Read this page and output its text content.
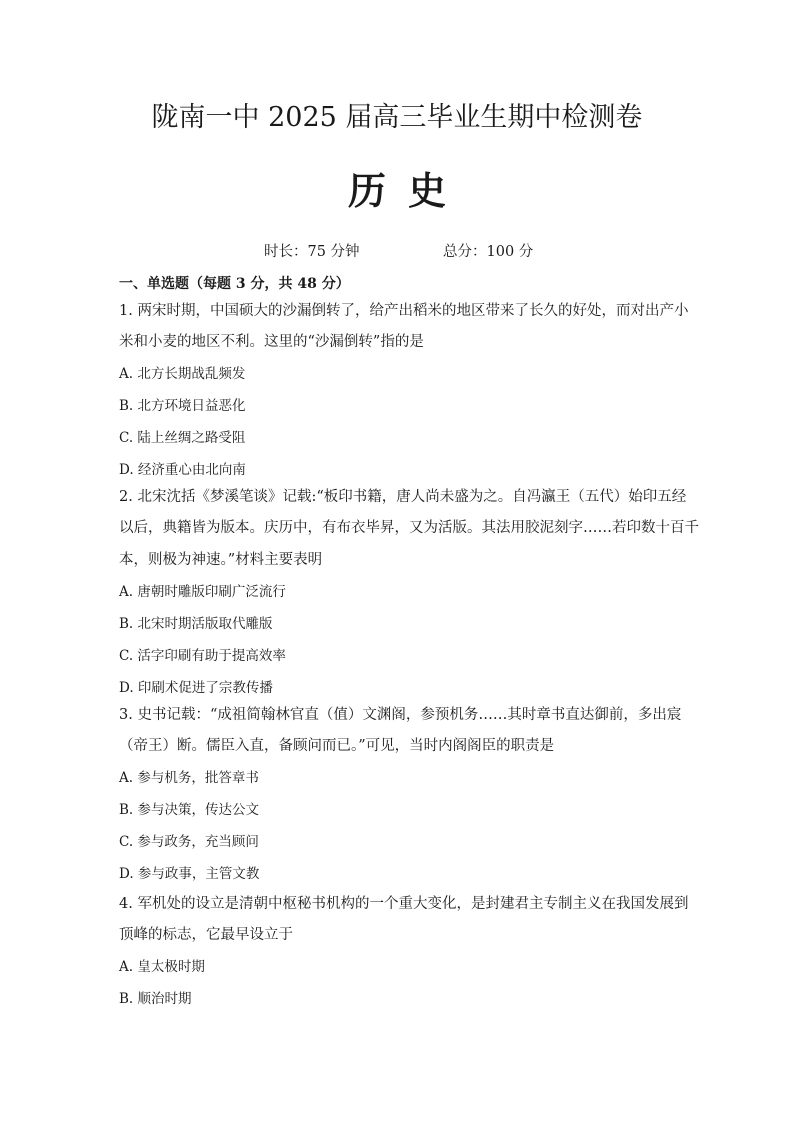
陇南一中 2025 届高三毕业生期中检测卷
历史
时长：75 分钟	总分：100 分
一、单选题（每题 3 分，共 48 分）
1. 两宋时期，中国硕大的沙漏倒转了，给产出稻米的地区带来了长久的好处，而对出产小
米和小麦的地区不利。这里的“沙漏倒转”指的是
A. 北方长期战乱频发
B. 北方环境日益恶化
C. 陆上丝绸之路受阻
D. 经济重心由北向南
2. 北宋沈括《梦溪笔谈》记载:“板印书籍，唐人尚未盛为之。自冯瀛王（五代）始印五经
以后，典籍皆为版本。庆历中，有布衣毕昇，又为活版。其法用胶泥刻字……若印数十百千
本，则极为神速。”材料主要表明
A. 唐朝时雕版印刷广泛流行
B. 北宋时期活版取代雕版
C. 活字印刷有助于提高效率
D. 印刷术促进了宗教传播
3. 史书记载：“成祖简翰林官直（值）文渊阁，参预机务……其时章书直达御前，多出宸
（帝王）断。儒臣入直，备顾问而已。”可见，当时内阁阁臣的职责是
A. 参与机务，批答章书
B. 参与决策，传达公文
C. 参与政务，充当顾问
D. 参与政事，主管文教
4. 军机处的设立是清朝中枢秘书机构的一个重大变化，是封建君主专制主义在我国发展到
顶峰的标志，它最早设立于
A. 皇太极时期
B. 顺治时期
